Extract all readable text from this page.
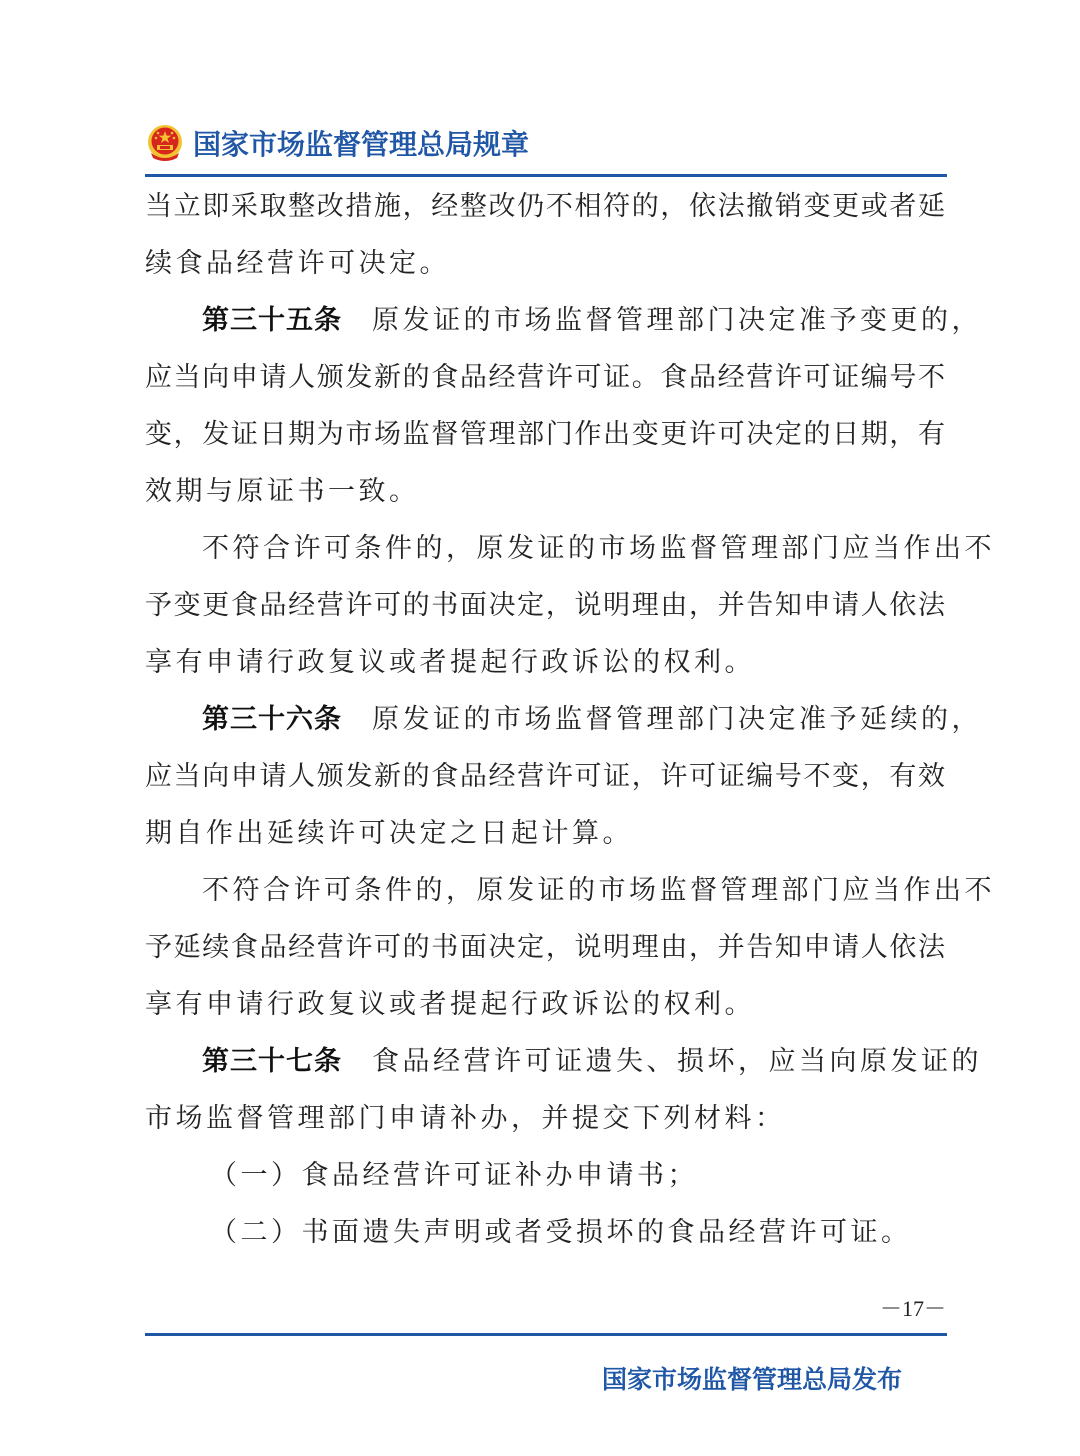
国家市场监督管理总局规章
当立即采取整改措施，经整改仍不相符的，依法撤销变更或者延
续食品经营许可决定。
第三十五条 原发证的市场监督管理部门决定准予变更的，
应当向申请人颁发新的食品经营许可证。食品经营许可证编号不
变，发证日期为市场监督管理部门作出变更许可决定的日期，有
效期与原证书一致。
不符合许可条件的，原发证的市场监督管理部门应当作出不
予变更食品经营许可的书面决定，说明理由，并告知申请人依法
享有申请行政复议或者提起行政诉讼的权利。
第三十六条 原发证的市场监督管理部门决定准予延续的，
应当向申请人颁发新的食品经营许可证，许可证编号不变，有效
期自作出延续许可决定之日起计算。
不符合许可条件的，原发证的市场监督管理部门应当作出不
予延续食品经营许可的书面决定，说明理由，并告知申请人依法
享有申请行政复议或者提起行政诉讼的权利。
第三十七条 食品经营许可证遗失、损坏，应当向原发证的
市场监督管理部门申请补办，并提交下列材料：
（一）食品经营许可证补办申请书；
（二）书面遗失声明或者受损坏的食品经营许可证。
－17－
国家市场监督管理总局发布
